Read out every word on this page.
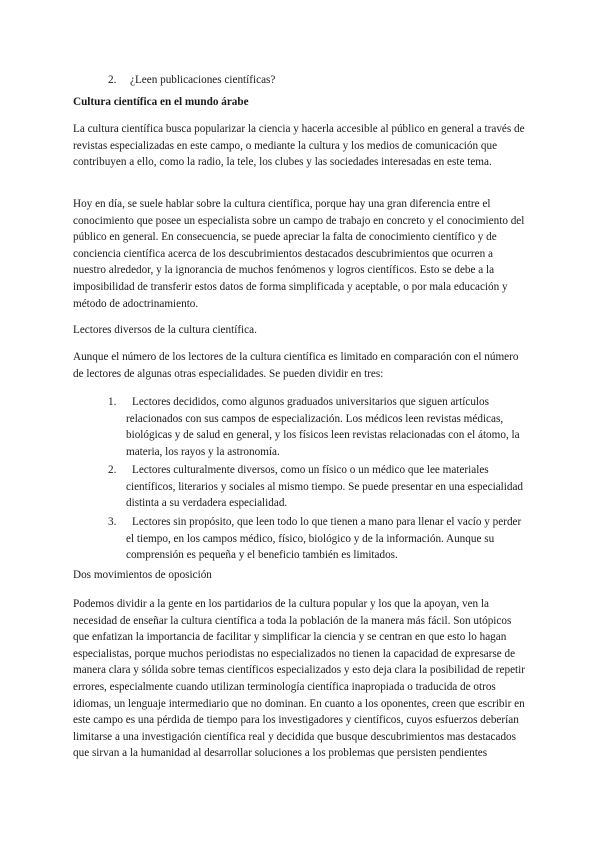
2. ¿Leen publicaciones científicas?

Cultura científica en el mundo árabe

La cultura científica busca popularizar la ciencia y hacerla accesible al público en general a través de revistas especializadas en este campo, o mediante la cultura y los medios de comunicación que contribuyen a ello, como la radio, la tele, los clubes y las sociedades interesadas en este tema.

Hoy en día, se suele hablar sobre la cultura científica, porque hay una gran diferencia entre el conocimiento que posee un especialista sobre un campo de trabajo en concreto y el conocimiento del público en general. En consecuencia, se puede apreciar la falta de conocimiento científico y de conciencia científica acerca de los descubrimientos destacados descubrimientos que ocurren a nuestro alrededor, y la ignorancia de muchos fenómenos y logros científicos. Esto se debe a la imposibilidad de transferir estos datos de forma simplificada y aceptable, o por mala educación y método de adoctrinamiento.

Lectores diversos de la cultura científica.

Aunque el número de los lectores de la cultura científica es limitado en comparación con el número de lectores de algunas otras especialidades. Se pueden dividir en tres:

1.	Lectores decididos, como algunos graduados universitarios que siguen artículos relacionados con sus campos de especialización. Los médicos leen revistas médicas, biológicas y de salud en general, y los físicos leen revistas relacionadas con el átomo, la materia, los rayos y la astronomía.
2.	Lectores culturalmente diversos, como un físico o un médico que lee materiales científicos, literarios y sociales al mismo tiempo. Se puede presentar en una especialidad distinta a su verdadera especialidad.
3.	Lectores sin propósito, que leen todo lo que tienen a mano para llenar el vacío y perder el tiempo, en los campos médico, físico, biológico y de la información. Aunque su comprensión es pequeña y el beneficio también es limitados.

Dos movimientos de oposición

Podemos dividir a la gente en los partidarios de la cultura popular y los que la apoyan, ven la necesidad de enseñar la cultura científica a toda la población de la manera más fácil. Son utópicos que enfatizan la importancia de facilitar y simplificar la ciencia y se centran en que esto lo hagan especialistas, porque muchos periodistas no especializados no tienen la capacidad de expresarse de manera clara y sólida sobre temas científicos especializados y esto deja clara la posibilidad de repetir errores, especialmente cuando utilizan terminología científica inapropiada o traducida de otros idiomas, un lenguaje intermediario que no dominan. En cuanto a los oponentes, creen que escribir en este campo es una pérdida de tiempo para los investigadores y científicos, cuyos esfuerzos deberían limitarse a una investigación científica real y decidida que busque descubrimientos mas destacados que sirvan a la humanidad al desarrollar soluciones a los problemas que persisten pendientes
